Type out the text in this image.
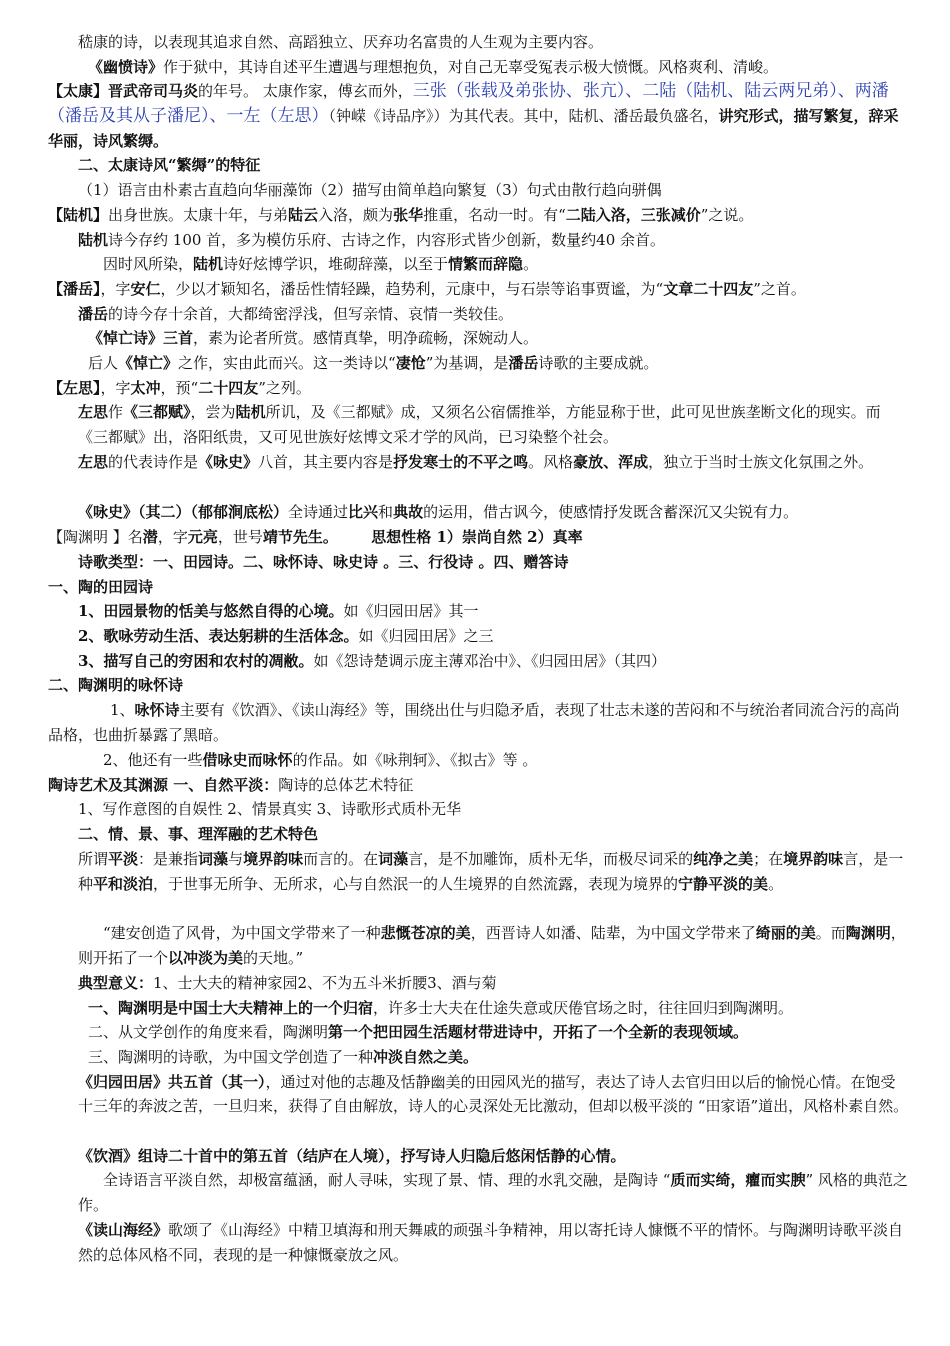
嵇康的诗，以表现其追求自然、高蹈独立、厌弃功名富贵的人生观为主要内容。
《幽愤诗》作于狱中，其诗自述平生遭遇与理想抱负，对自己无辜受冤表示极大愤慨。风格爽利、清峻。
【太康】晋武帝司马炎的年号。 太康作家，傅玄而外，三张（张载及弟张协、张亢）、二陆（陆机、陆云两兄弟）、两潘（潘岳及其从子潘尼）、一左（左思）（钟嵘《诗品序》）为其代表。其中，陆机、潘岳最负盛名，讲究形式，描写繁复，辞采华丽，诗风繁缛。
二、太康诗风“繁缛”的特征
（1）语言由朴素古直趋向华丽藻饰（2）描写由简单趋向繁复（3）句式由散行趋向骈偶
【陆机】出身世族。太康十年，与弟陆云入洛，颇为张华推重，名动一时。有“二陆入洛，三张减价”之说。
陆机诗今存约 100 首，多为模仿乐府、古诗之作，内容形式皆少创新，数量约40 余首。
因时风所染，陆机诗好炫博学识，堆砌辞藻，以至于情繁而辞隐。
【潘岳】，字安仁，少以才颖知名，潘岳性情轻躁，趋势利，元康中，与石崇等谄事贾谧，为“文章二十四友”之首。
潘岳的诗今存十余首，大都绮密浮浅，但写亲情、哀情一类较佳。
《悼亡诗》三首，素为论者所赏。感情真挚，明净疏畅，深婉动人。
后人《悼亡》之作，实由此而兴。这一类诗以“凄怆”为基调，是潘岳诗歌的主要成就。
【左思】，字太冲，预“二十四友”之列。
左思作《三都赋》，尝为陆机所讥，及《三都赋》成，又须名公宿儒推举，方能显称于世，此可见世族垄断文化的现实。而《三都赋》出，洛阳纸贵，又可见世族好炫博文采才学的风尚，已习染整个社会。
左思的代表诗作是《咏史》八首，其主要内容是抒发寒士的不平之鸣。风格豪放、浑成，独立于当时士族文化氛围之外。
《咏史》（其二）（郁郁涧底松）全诗通过比兴和典故的运用，借古讽今，使感情抒发既含蓄深沉又尖锐有力。
【陶渊明 】名潜，字元亮，世号靖节先生。 思想性格 1）崇尚自然 2）真率
诗歌类型：一、田园诗。二、咏怀诗、咏史诗 。三、行役诗 。四、赠答诗
一、陶的田园诗
1、田园景物的恬美与悠然自得的心境。如《归园田居》其一
2、歌咏劳动生活、表达躬耕的生活体念。如《归园田居》之三
3、描写自己的穷困和农村的凋敝。如《怨诗楚调示庞主薄邓治中》、《归园田居》（其四）
二、陶渊明的咏怀诗
1、咏怀诗主要有《饮酒》、《读山海经》等，围绕出仕与归隐矛盾，表现了壮志未遂的苦闷和不与统治者同流合污的高尚品格，也曲折暴露了黑暗。
2、他还有一些借咏史而咏怀的作品。如《咏荆轲》、《拟古》等 。
陶诗艺术及其渊源 一、自然平淡：陶诗的总体艺术特征
1、写作意图的自娱性 2、情景真实 3、诗歌形式质朴无华
二、情、景、事、理浑融的艺术特色
所谓平淡：是兼指词藻与境界韵味而言的。在词藻言，是不加雕饰，质朴无华，而极尽词采的纯净之美；在境界韵味言，是一种平和淡泊，于世事无所争、无所求，心与自然泯一的人生境界的自然流露，表现为境界的宁静平淡的美。
“建安创造了风骨，为中国文学带来了一种悲慨苍凉的美，西晋诗人如潘、陆辈，为中国文学带来了绮丽的美。而陶渊明，则开拓了一个以冲淡为美的天地。”
典型意义：1、士大夫的精神家园2、不为五斗米折腰3、酒与菊
一、陶渊明是中国士大夫精神上的一个归宿，许多士大夫在仕途失意或厌倦官场之时，往往回归到陶渊明。
二、从文学创作的角度来看，陶渊明第一个把田园生活题材带进诗中，开拓了一个全新的表现领域。
三、陶渊明的诗歌，为中国文学创造了一种冲淡自然之美。
《归园田居》共五首（其一），通过对他的志趣及恬静幽美的田园风光的描写，表达了诗人去官归田以后的愉悦心情。在饱受十三年的奔波之苦，一旦归来，获得了自由解放，诗人的心灵深处无比激动，但却以极平淡的 “田家语”道出，风格朴素自然。
《饮酒》组诗二十首中的第五首（结庐在人境），抒写诗人归隐后悠闲恬静的心情。
全诗语言平淡自然，却极富蕴涵，耐人寻味，实现了景、情、理的水乳交融，是陶诗 “质而实绮，癯而实腴” 风格的典范之作。
《读山海经》歌颂了《山海经》中精卫填海和刑天舞戚的顽强斗争精神，用以寄托诗人慷慨不平的情怀。与陶渊明诗歌平淡自然的总体风格不同，表现的是一种慷慨豪放之风。
